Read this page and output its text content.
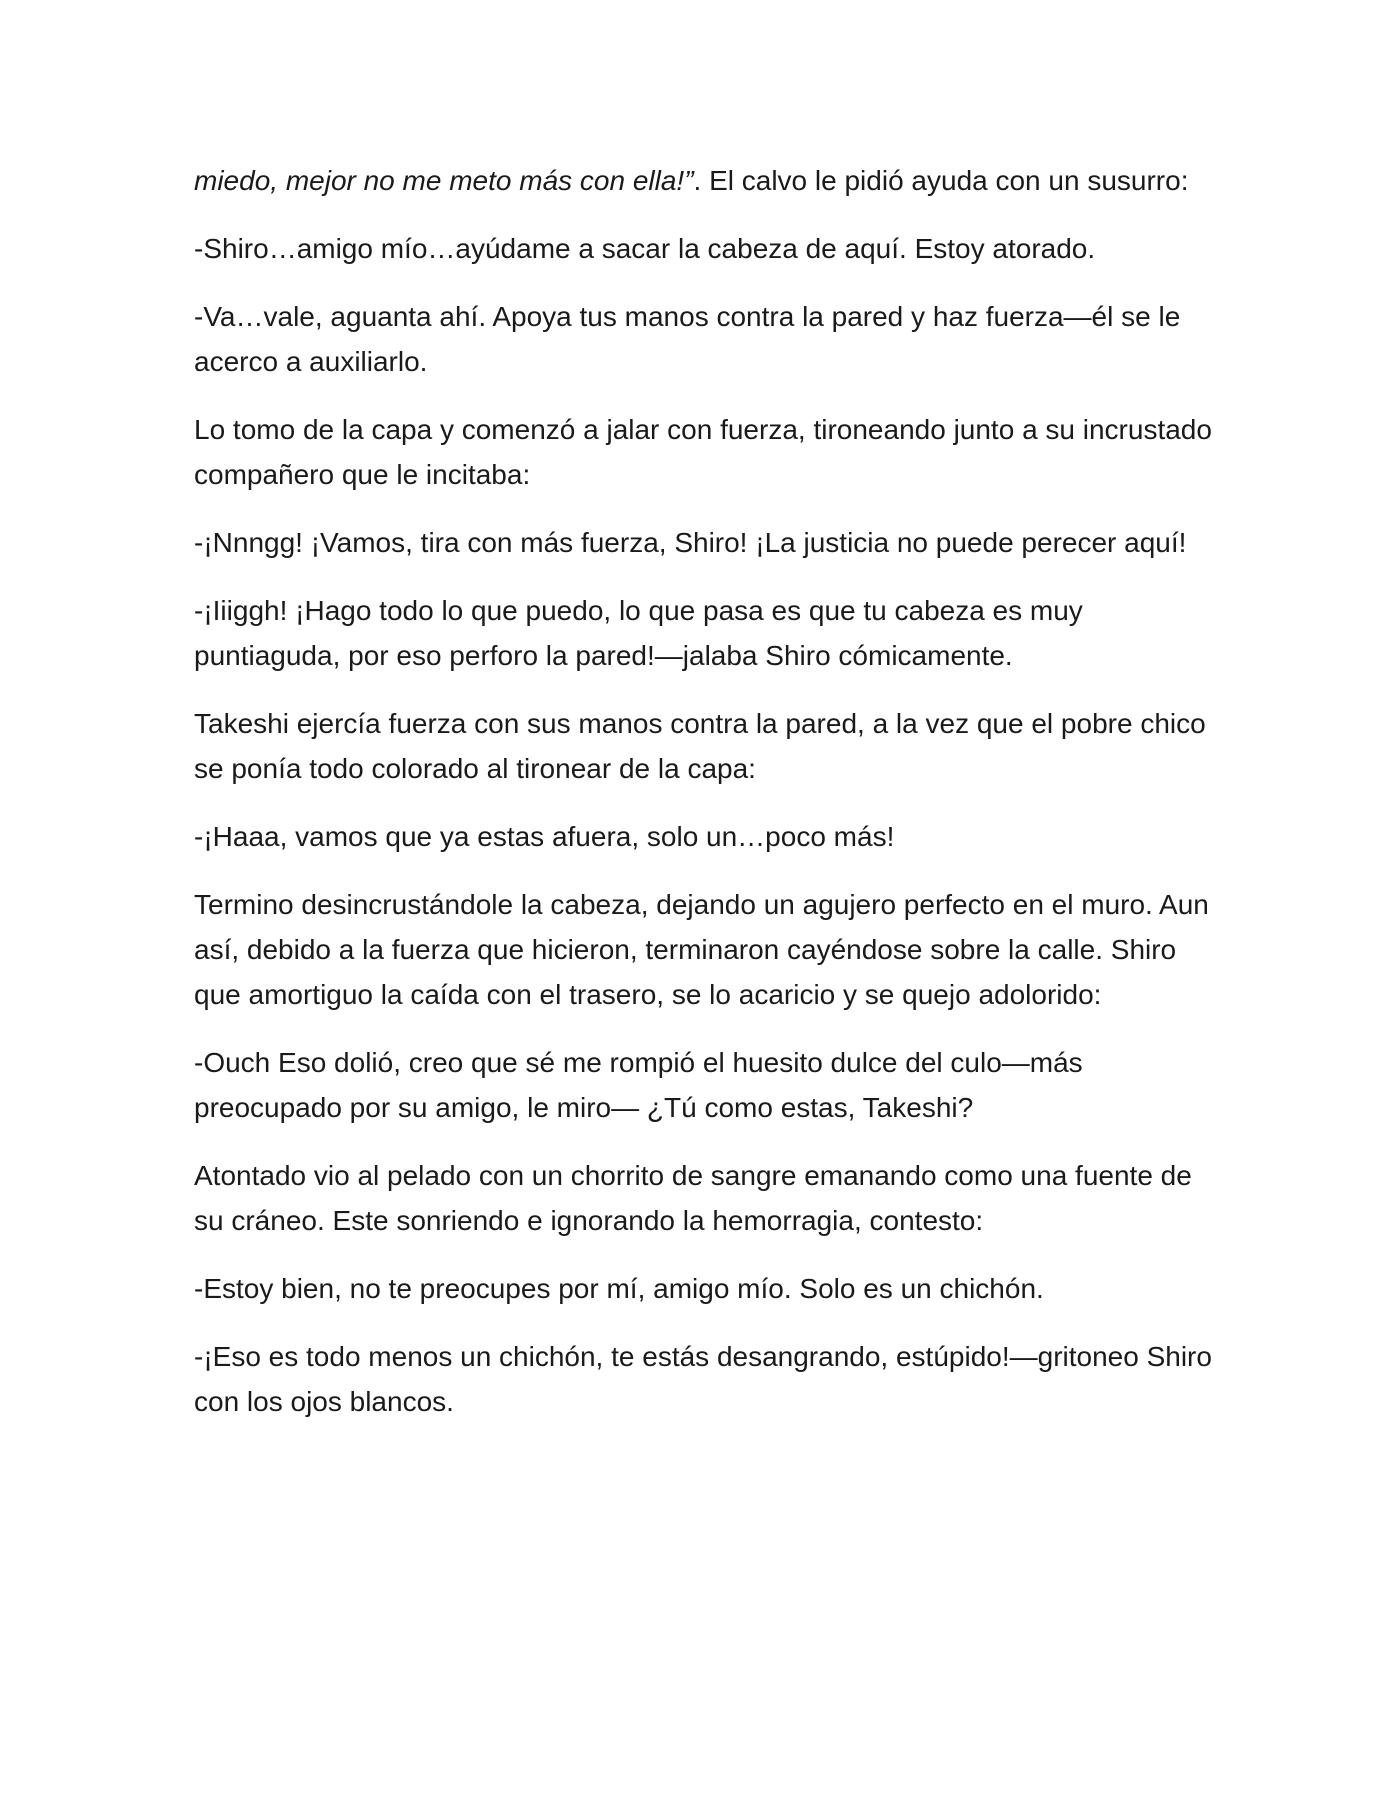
miedo, mejor no me meto más con ella!”. El calvo le pidió ayuda con un susurro:

-Shiro…amigo mío…ayúdame a sacar la cabeza de aquí. Estoy atorado.

-Va…vale, aguanta ahí. Apoya tus manos contra la pared y haz fuerza—él se le acerco a auxiliarlo.

Lo tomo de la capa y comenzó a jalar con fuerza, tironeando junto a su incrustado compañero que le incitaba:

-¡Nnngg! ¡Vamos, tira con más fuerza, Shiro! ¡La justicia no puede perecer aquí!

-¡Iiiggh! ¡Hago todo lo que puedo, lo que pasa es que tu cabeza es muy puntiaguda, por eso perforo la pared!—jalaba Shiro cómicamente.

Takeshi ejercía fuerza con sus manos contra la pared, a la vez que el pobre chico se ponía todo colorado al tironear de la capa:

-¡Haaa, vamos que ya estas afuera, solo un…poco más!

Termino desincrustándole la cabeza, dejando un agujero perfecto en el muro. Aun así, debido a la fuerza que hicieron, terminaron cayéndose sobre la calle. Shiro que amortiguo la caída con el trasero, se lo acaricio y se quejo adolorido:

-Ouch Eso dolió, creo que sé me rompió el huesito dulce del culo—más preocupado por su amigo, le miro— ¿Tú como estas, Takeshi?

Atontado vio al pelado con un chorrito de sangre emanando como una fuente de su cráneo. Este sonriendo e ignorando la hemorragia, contesto:

-Estoy bien, no te preocupes por mí, amigo mío. Solo es un chichón.

-¡Eso es todo menos un chichón, te estás desangrando, estúpido!—gritoneo Shiro con los ojos blancos.
